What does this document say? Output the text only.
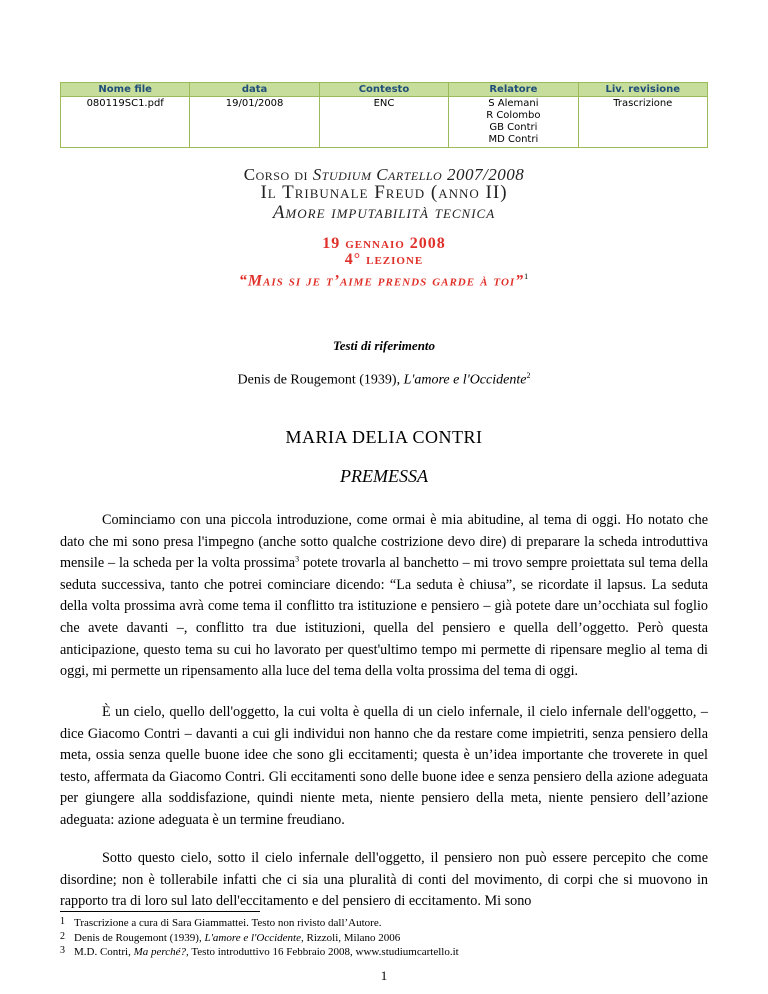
Nome file	data	Contesto	Relatore	Liv. revisione
080119SC1.pdf	19/01/2008	ENC	S Alemani
R Colombo
GB Contri
MD Contri	Trascrizione
Corso di Studium Cartello 2007/2008
Il Tribunale Freud (anno II)
Amore imputabilità tecnica
19 gennaio 2008
4° lezione
“Mais si je t’aime prends garde à toi”$^1$
Testi di riferimento
Denis de Rougemont (1939), L'amore e l'Occidente$^2$
MARIA DELIA CONTRI
PREMESSA

Cominciamo con una piccola introduzione, come ormai è mia abitudine, al tema di oggi. Ho notato che dato che mi sono presa l'impegno (anche sotto qualche costrizione devo dire) di preparare la scheda introduttiva mensile – la scheda per la volta prossima$^3$ potete trovarla al banchetto – mi trovo sempre proiettata sul tema della seduta successiva, tanto che potrei cominciare dicendo: “La seduta è chiusa”, se ricordate il lapsus. La seduta della volta prossima avrà come tema il conflitto tra istituzione e pensiero – già potete dare un’occhiata sul foglio che avete davanti –, conflitto tra due istituzioni, quella del pensiero e quella dell’oggetto. Però questa anticipazione, questo tema su cui ho lavorato per quest'ultimo tempo mi permette di ripensare meglio al tema di oggi, mi permette un ripensamento alla luce del tema della volta prossima del tema di oggi.

È un cielo, quello dell'oggetto, la cui volta è quella di un cielo infernale, il cielo infernale dell'oggetto, – dice Giacomo Contri – davanti a cui gli individui non hanno che da restare come impietriti, senza pensiero della meta, ossia senza quelle buone idee che sono gli eccitamenti; questa è un’idea importante che troverete in quel testo, affermata da Giacomo Contri. Gli eccitamenti sono delle buone idee e senza pensiero della azione adeguata per giungere alla soddisfazione, quindi niente meta, niente pensiero della meta, niente pensiero dell’azione adeguata: azione adeguata è un termine freudiano.

Sotto questo cielo, sotto il cielo infernale dell'oggetto, il pensiero non può essere percepito che come disordine; non è tollerabile infatti che ci sia una pluralità di conti del movimento, di corpi che si muovono in rapporto tra di loro sul lato dell'eccitamento e del pensiero di eccitamento. Mi sono

$^1$ Trascrizione a cura di Sara Giammattei. Testo non rivisto dall’Autore.
$^2$ Denis de Rougemont (1939), L'amore e l'Occidente, Rizzoli, Milano 2006
$^3$ M.D. Contri, Ma perché?, Testo introduttivo 16 Febbraio 2008, www.studiumcartello.it
1
